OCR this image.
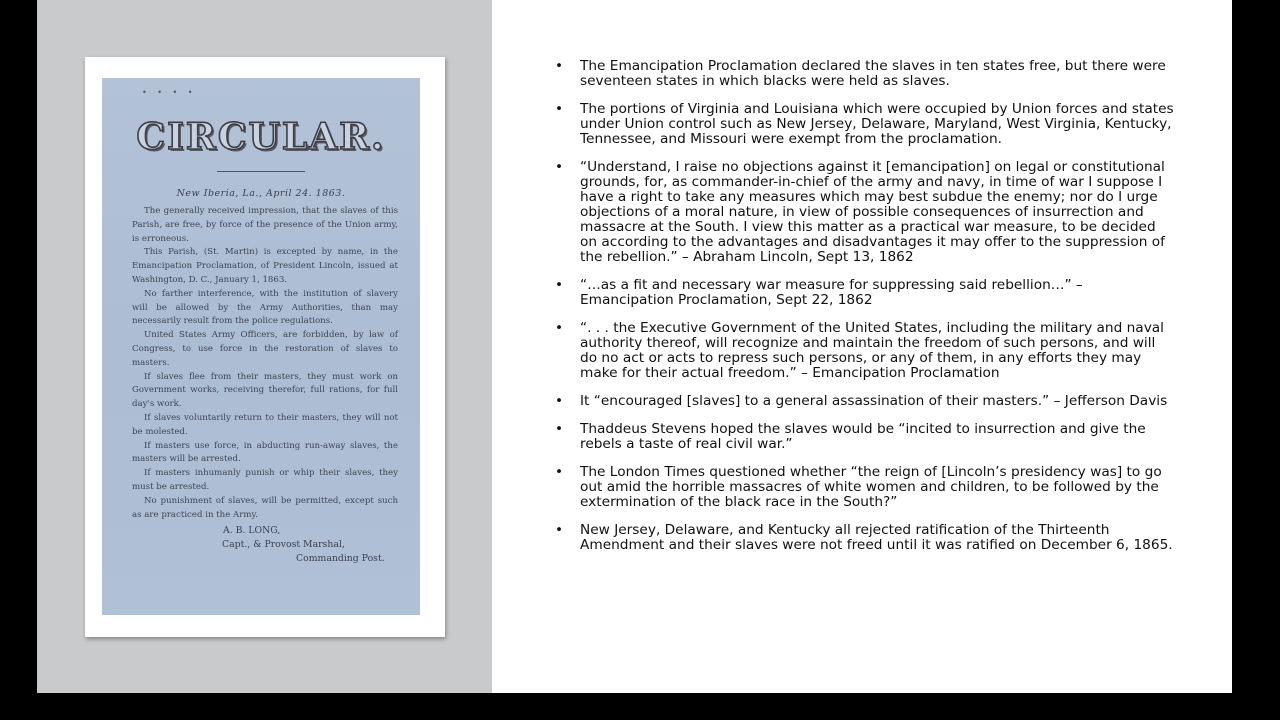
• • • •
CIRCULAR.
New Iberia, La., April 24. 1863.

The generally received impression, that the slaves of this Parish, are free, by force of the presence of the Union army, is erroneous.

This Parish, (St. Martin) is excepted by name, in the Emancipation Proclamation, of President Lincoln, issued at Washington, D. C., January 1, 1863.

No farther interference, with the institution of slavery will be allowed by the Army Authorities, than may necessarily result from the police regulations.

United States Army Officers, are forbidden, by law of Congress, to use force in the restoration of slaves to masters.

If slaves flee from their masters, they must work on Government works, receiving therefor, full rations, for full day's work.

If slaves voluntarily return to their masters, they will not be molested.

If masters use force, in abducting run-away slaves, the masters will be arrested.

If masters inhumanly punish or whip their slaves, they must be arrested.

No punishment of slaves, will be permitted, except such as are practiced in the Army.

A. B. LONG,
Capt., & Provost Marshal,
Commanding Post.
• The Emancipation Proclamation declared the slaves in ten states free, but there were seventeen states in which blacks were held as slaves.
• The portions of Virginia and Louisiana which were occupied by Union forces and states under Union control such as New Jersey, Delaware, Maryland, West Virginia, Kentucky, Tennessee, and Missouri were exempt from the proclamation.
• “Understand, I raise no objections against it [emancipation] on legal or constitutional grounds, for, as commander-in-chief of the army and navy, in time of war I suppose I have a right to take any measures which may best subdue the enemy; nor do I urge objections of a moral nature, in view of possible consequences of insurrection and massacre at the South. I view this matter as a practical war measure, to be decided on according to the advantages and disadvantages it may offer to the suppression of the rebellion.” – Abraham Lincoln, Sept 13, 1862
• “…as a fit and necessary war measure for suppressing said rebellion…” – Emancipation Proclamation, Sept 22, 1862
• “. . . the Executive Government of the United States, including the military and naval authority thereof, will recognize and maintain the freedom of such persons, and will do no act or acts to repress such persons, or any of them, in any efforts they may make for their actual freedom.” – Emancipation Proclamation
• It “encouraged [slaves] to a general assassination of their masters.” – Jefferson Davis
• Thaddeus Stevens hoped the slaves would be “incited to insurrection and give the rebels a taste of real civil war.”
• The London Times questioned whether “the reign of [Lincoln’s presidency was] to go out amid the horrible massacres of white women and children, to be followed by the extermination of the black race in the South?”
• New Jersey, Delaware, and Kentucky all rejected ratification of the Thirteenth Amendment and their slaves were not freed until it was ratified on December 6, 1865.
